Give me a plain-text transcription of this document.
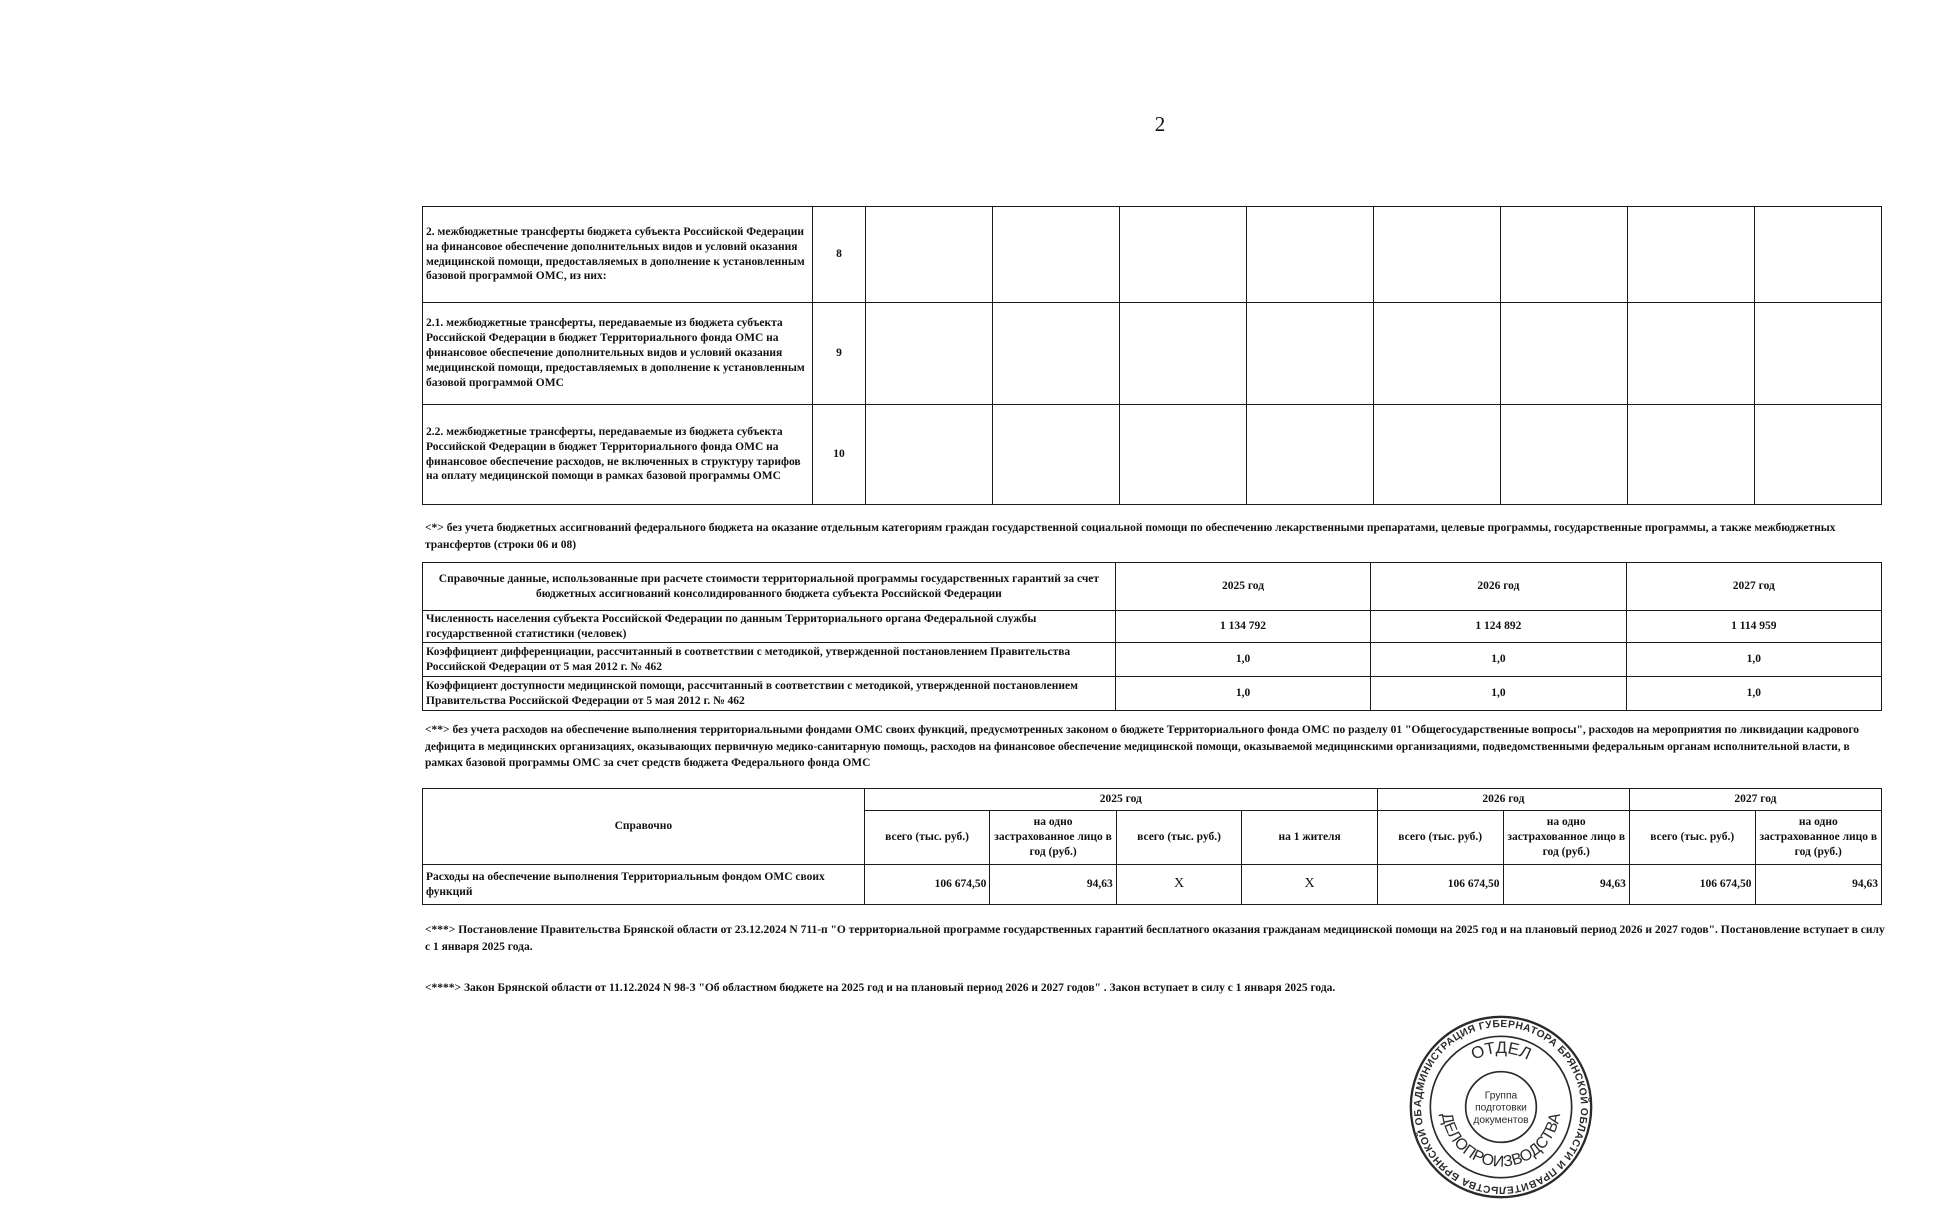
2
2. межбюджетные трансферты бюджета субъекта Российской Федерации на финансовое обеспечение дополнительных видов и условий оказания медицинской помощи, предоставляемых в дополнение к установленным базовой программой ОМС, из них:	8								
2.1. межбюджетные трансферты, передаваемые из бюджета субъекта Российской Федерации в бюджет Территориального фонда ОМС на финансовое обеспечение дополнительных видов и условий оказания медицинской помощи, предоставляемых в дополнение к установленным базовой программой ОМС	9								
2.2. межбюджетные трансферты, передаваемые из бюджета субъекта Российской Федерации в бюджет Территориального фонда ОМС на финансовое обеспечение расходов, не включенных в структуру тарифов на оплату медицинской помощи в рамках базовой программы ОМС	10								
<*> без учета бюджетных ассигнований федерального бюджета на оказание отдельным категориям граждан государственной социальной помощи по обеспечению лекарственными препаратами, целевые программы, государственные программы, а также межбюджетных трансфертов (строки 06 и 08)
Справочные данные, использованные при расчете стоимости территориальной программы государственных гарантий за счет бюджетных ассигнований консолидированного бюджета субъекта Российской Федерации	2025 год	2026 год	2027 год
Численность населения субъекта Российской Федерации по данным Территориального органа Федеральной службы государственной статистики (человек)	1 134 792	1 124 892	1 114 959
Коэффициент дифференциации, рассчитанный в соответствии с методикой, утвержденной постановлением Правительства Российской Федерации от 5 мая 2012 г. № 462	1,0	1,0	1,0
Коэффициент доступности медицинской помощи, рассчитанный в соответствии с методикой, утвержденной постановлением Правительства Российской Федерации от 5 мая 2012 г. № 462	1,0	1,0	1,0
<**> без учета расходов на обеспечение выполнения территориальными фондами ОМС своих функций, предусмотренных законом о бюджете Территориального фонда ОМС по разделу 01 "Общегосударственные вопросы", расходов на мероприятия по ликвидации кадрового дефицита в медицинских организациях, оказывающих первичную медико-санитарную помощь, расходов на финансовое обеспечение медицинской помощи, оказываемой медицинскими организациями, подведомственными федеральным органам исполнительной власти, в рамках базовой программы ОМС за счет средств бюджета Федерального фонда ОМС
Справочно	2025 год				2026 год		2027 год	
	всего (тыс. руб.)	на одно застрахованное лицо в год (руб.)	всего (тыс. руб.)	на 1 жителя	всего (тыс. руб.)	на одно застрахованное лицо в год (руб.)	всего (тыс. руб.)	на одно застрахованное лицо в год (руб.)
Расходы на обеспечение выполнения Территориальным фондом ОМС своих функций	106 674,50	94,63	X	X	106 674,50	94,63	106 674,50	94,63
<***> Постановление Правительства Брянской области от 23.12.2024 N 711-п "О территориальной программе государственных гарантий бесплатного оказания гражданам медицинской помощи на 2025 год и на плановый период 2026 и 2027 годов". Постановление вступает в силу с 1 января 2025 года.
<****> Закон Брянской области от 11.12.2024 N 98-З "Об областном бюджете на 2025 год и на плановый период 2026 и 2027 годов" . Закон вступает в силу с 1 января 2025 года.
АДМИНИСТРАЦИЯ ГУБЕРНАТОРА БРЯНСКОЙ ОБЛАСТИ И ПРАВИТЕЛЬСТВА БРЯНСКОЙ ОБ
ОТДЕЛ
ДЕЛОПРОИЗВОДСТВА
Группа
подготовки
документов
